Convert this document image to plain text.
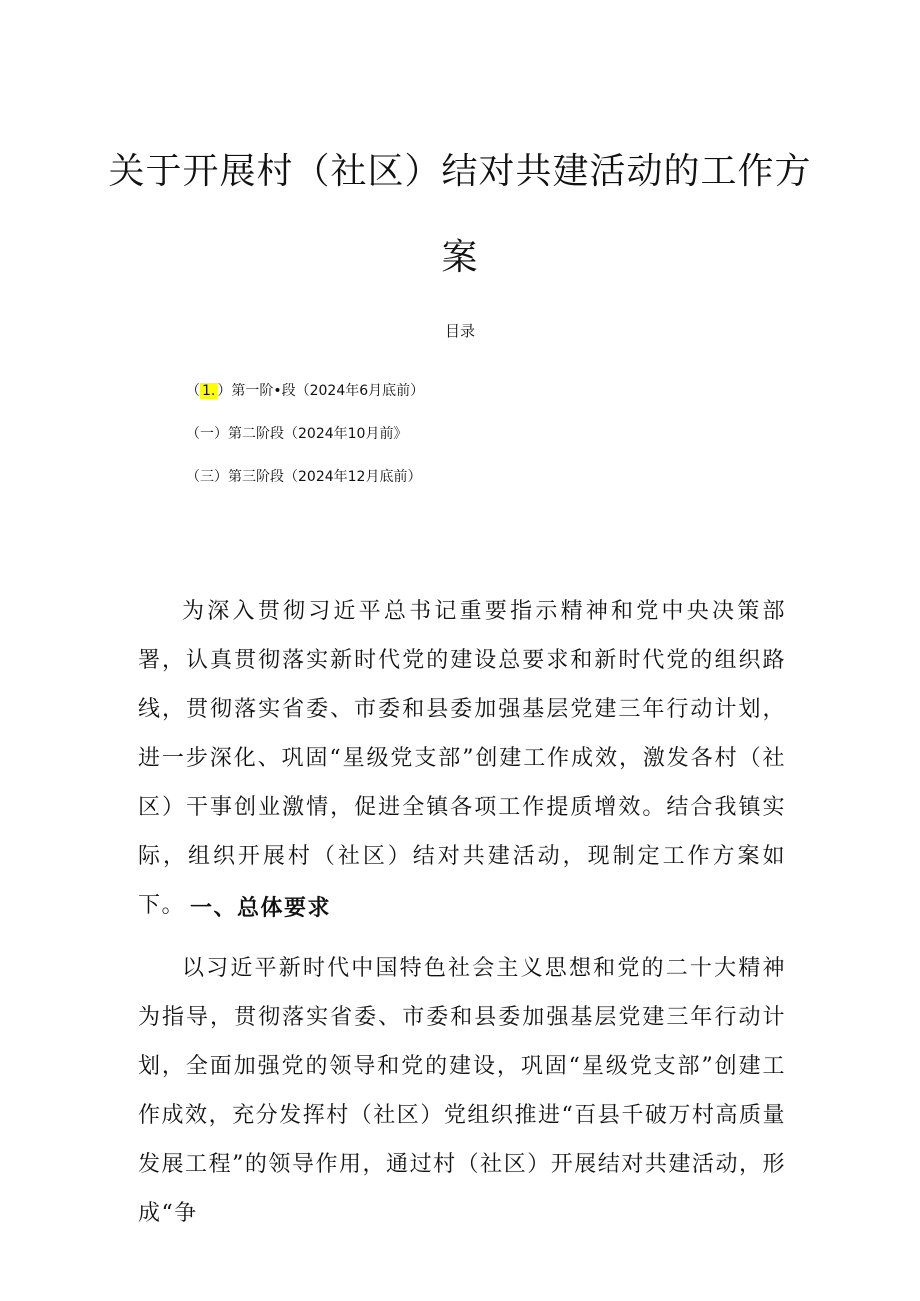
关于开展村（社区）结对共建活动的工作方
案
目录
（ 1. ）第一阶•段（2024年6月底前）
（一）第二阶段（2024年10月前》
（三）第三阶段（2024年12月底前）

为深入贯彻习近平总书记重要指示精神和党中央决策部署，认真贯彻落实新时代党的建设总要求和新时代党的组织路线，贯彻落实省委、市委和县委加强基层党建三年行动计划，进一步深化、巩固“星级党支部”创建工作成效，激发各村（社区）干事创业激情，促进全镇各项工作提质增效。结合我镇实际，组织开展村（社区）结对共建活动，现制定工作方案如下。 一、总体要求

以习近平新时代中国特色社会主义思想和党的二十大精神为指导，贯彻落实省委、市委和县委加强基层党建三年行动计划，全面加强党的领导和党的建设，巩固“星级党支部”创建工作成效，充分发挥村（社区）党组织推进“百县千破万村高质量发展工程”的领导作用，通过村（社区）开展结对共建活动，形成“争
